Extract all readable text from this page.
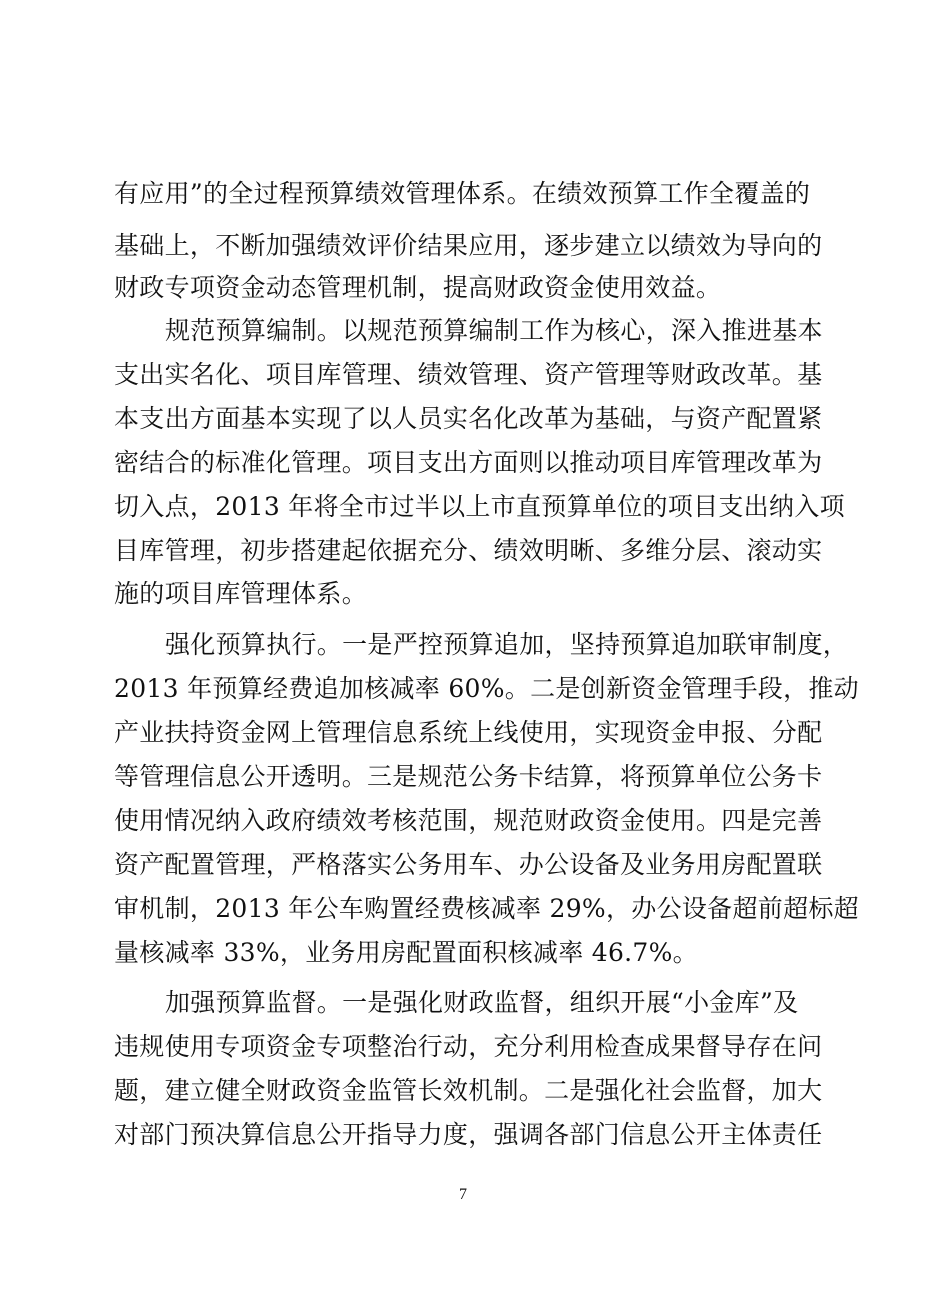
有应用”的全过程预算绩效管理体系。在绩效预算工作全覆盖的
基础上，不断加强绩效评价结果应用，逐步建立以绩效为导向的
财政专项资金动态管理机制，提高财政资金使用效益。
规范预算编制。以规范预算编制工作为核心，深入推进基本
支出实名化、项目库管理、绩效管理、资产管理等财政改革。基
本支出方面基本实现了以人员实名化改革为基础，与资产配置紧
密结合的标准化管理。项目支出方面则以推动项目库管理改革为
切入点，2013 年将全市过半以上市直预算单位的项目支出纳入项
目库管理，初步搭建起依据充分、绩效明晰、多维分层、滚动实
施的项目库管理体系。
强化预算执行。一是严控预算追加，坚持预算追加联审制度，
2013 年预算经费追加核减率 60%。二是创新资金管理手段，推动
产业扶持资金网上管理信息系统上线使用，实现资金申报、分配
等管理信息公开透明。三是规范公务卡结算，将预算单位公务卡
使用情况纳入政府绩效考核范围，规范财政资金使用。四是完善
资产配置管理，严格落实公务用车、办公设备及业务用房配置联
审机制，2013 年公车购置经费核减率 29%，办公设备超前超标超
量核减率 33%，业务用房配置面积核减率 46.7%。
加强预算监督。一是强化财政监督，组织开展“小金库”及
违规使用专项资金专项整治行动，充分利用检查成果督导存在问
题，建立健全财政资金监管长效机制。二是强化社会监督，加大
对部门预决算信息公开指导力度，强调各部门信息公开主体责任
7
